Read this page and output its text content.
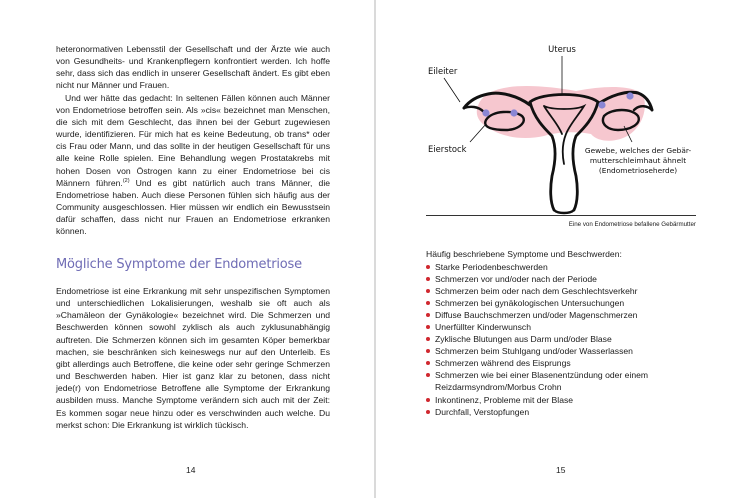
heteronormativen Lebensstil der Gesellschaft und der Ärzte wie auch von Gesundheits- und Krankenpflegern konfrontiert werden. Ich hoffe sehr, dass sich das endlich in unserer Gesellschaft ändert. Es gibt eben nicht nur Männer und Frauen.

Und wer hätte das gedacht: In seltenen Fällen können auch Männer von Endometriose betroffen sein. Als »cis« bezeichnet man Menschen, die sich mit dem Geschlecht, das ihnen bei der Geburt zugewiesen wurde, identifizieren. Für mich hat es keine Bedeutung, ob trans* oder cis Frau oder Mann, und das sollte in der heutigen Gesellschaft für uns alle keine Rolle spielen. Eine Behandlung wegen Prostatakrebs mit hohen Dosen von Östrogen kann zu einer Endometriose bei cis Männern führen.$^{(2)}$ Und es gibt natürlich auch trans Männer, die Endometriose haben. Auch diese Personen fühlen sich häufig aus der Community ausgeschlossen. Hier müssen wir endlich ein Bewusstsein dafür schaffen, dass nicht nur Frauen an Endometriose erkranken können.

Mögliche Symptome der Endometriose

Endometriose ist eine Erkrankung mit sehr unspezifischen Symptomen und unterschiedlichen Lokalisierungen, weshalb sie oft auch als »Chamäleon der Gynäkologie« bezeichnet wird. Die Schmerzen und Beschwerden können sowohl zyklisch als auch zyklusunabhängig auftreten. Die Schmerzen können sich im gesamten Köper bemerkbar machen, sie beschränken sich keineswegs nur auf den Unterleib. Es gibt allerdings auch Betroffene, die keine oder sehr geringe Schmerzen und Beschwerden haben. Hier ist ganz klar zu betonen, dass nicht jede(r) von Endometriose Betroffene alle Symptome der Erkrankung ausbilden muss. Manche Symptome verändern sich auch mit der Zeit: Es kommen sogar neue hinzu oder es verschwinden auch welche. Du merkst schon: Die Erkrankung ist wirklich tückisch.

14
Uterus
Eileiter
Eierstock	Gewebe, welches der Gebär-
mutterschleimhaut ähnelt
(Endometrioseherde)
Eine von Endometriose befallene Gebärmutter

Häufig beschriebene Symptome und Beschwerden:

Starke Periodenbeschwerden
Schmerzen vor und/oder nach der Periode
Schmerzen beim oder nach dem Geschlechtsverkehr
Schmerzen bei gynäkologischen Untersuchungen
Diffuse Bauchschmerzen und/oder Magenschmerzen
Unerfüllter Kinderwunsch
Zyklische Blutungen aus Darm und/oder Blase
Schmerzen beim Stuhlgang und/oder Wasserlassen
Schmerzen während des Eisprungs
Schmerzen wie bei einer Blasenentzündung oder einem Reizdarmsyndrom/Morbus Crohn
Inkontinenz, Probleme mit der Blase
Durchfall, Verstopfungen
15
